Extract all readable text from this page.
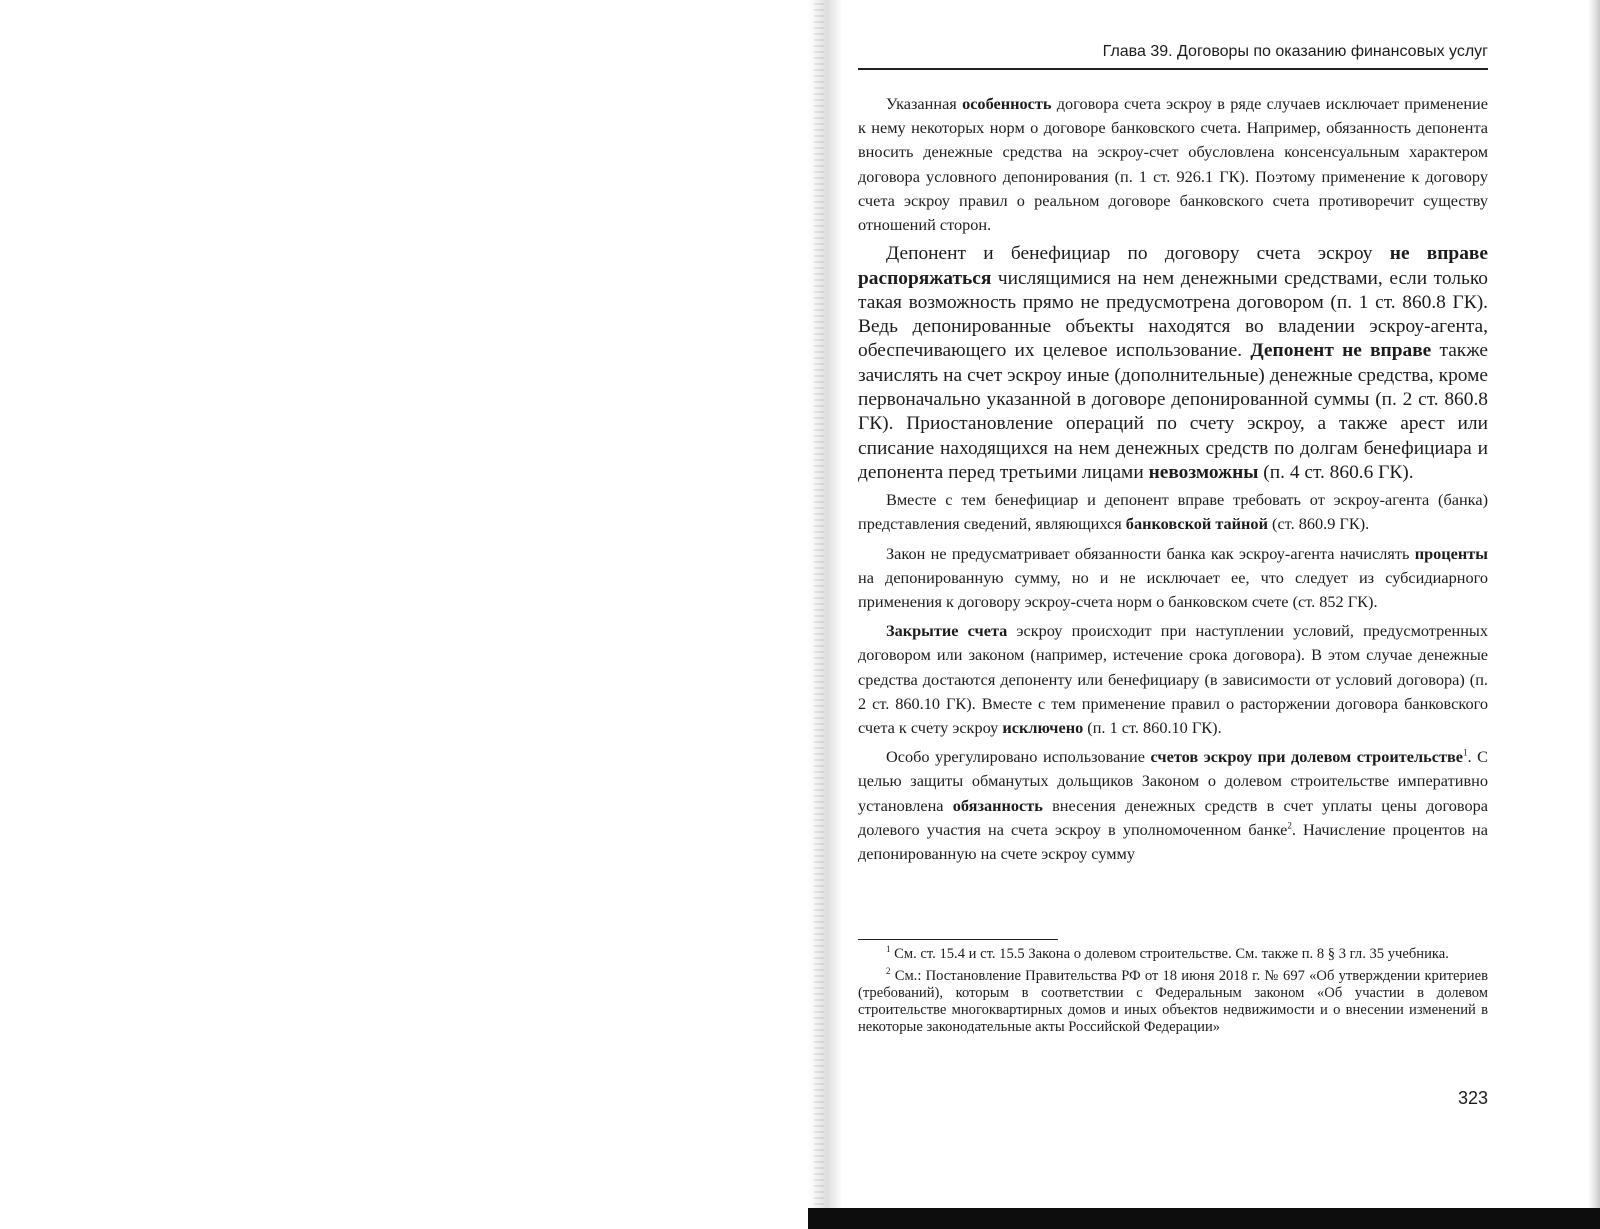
Глава 39. Договоры по оказанию финансовых услуг

Указанная особенность договора счета эскроу в ряде случаев исключает применение к нему некоторых норм о договоре банковского счета. Например, обязанность депонента вносить денежные средства на эскроу-счет обусловлена консенсуальным характером договора условного депонирования (п. 1 ст. 926.1 ГК). Поэтому применение к договору счета эскроу правил о реальном договоре банковского счета противоречит существу отношений сторон.

Депонент и бенефициар по договору счета эскроу не вправе распоряжаться числящимися на нем денежными средствами, если только такая возможность прямо не предусмотрена договором (п. 1 ст. 860.8 ГК). Ведь депонированные объекты находятся во владении эскроу-агента, обеспечивающего их целевое использование. Депонент не вправе также зачислять на счет эскроу иные (дополнительные) денежные средства, кроме первоначально указанной в договоре депонированной суммы (п. 2 ст. 860.8 ГК). Приостановление операций по счету эскроу, а также арест или списание находящихся на нем денежных средств по долгам бенефициара и депонента перед третьими лицами невозможны (п. 4 ст. 860.6 ГК).

Вместе с тем бенефициар и депонент вправе требовать от эскроу-агента (банка) представления сведений, являющихся банковской тайной (ст. 860.9 ГК).

Закон не предусматривает обязанности банка как эскроу-агента начислять проценты на депонированную сумму, но и не исключает ее, что следует из субсидиарного применения к договору эскроу-счета норм о банковском счете (ст. 852 ГК).

Закрытие счета эскроу происходит при наступлении условий, предусмотренных договором или законом (например, истечение срока договора). В этом случае денежные средства достаются депоненту или бенефициару (в зависимости от условий договора) (п. 2 ст. 860.10 ГК). Вместе с тем применение правил о расторжении договора банковского счета к счету эскроу исключено (п. 1 ст. 860.10 ГК).

Особо урегулировано использование счетов эскроу при долевом строительстве$^1$. С целью защиты обманутых дольщиков Законом о долевом строительстве императивно установлена обязанность внесения денежных средств в счет уплаты цены договора долевого участия на счета эскроу в уполномоченном банке$^2$. Начисление процентов на депонированную на счете эскроу сумму

$^1$ См. ст. 15.4 и ст. 15.5 Закона о долевом строительстве. См. также п. 8 § 3 гл. 35 учебника.

$^2$ См.: Постановление Правительства РФ от 18 июня 2018 г. № 697 «Об утверждении критериев (требований), которым в соответствии с Федеральным законом «Об участии в долевом строительстве многоквартирных домов и иных объектов недвижимости и о внесении изменений в некоторые законодательные акты Российской Федерации»

323
